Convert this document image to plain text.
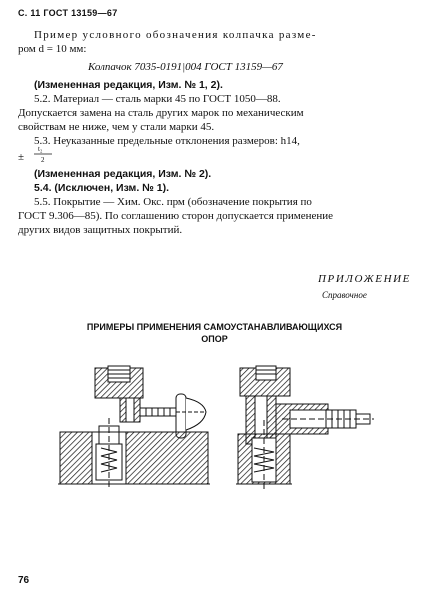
С. 11 ГОСТ 13159—67
Пример условного обозначения колпачка разме-
ром d = 10 мм:
Колпачок 7035-0191|004 ГОСТ 13159—67
(Измененная редакция, Изм. № 1, 2).
5.2. Материал — сталь марки 45 по ГОСТ 1050—88.
Допускается замена на сталь других марок по механическим
свойствам не ниже, чем у стали марки 45.
5.3. Неуказанные предельные отклонения размеров: h14,
±
t₂
2
(Измененная редакция, Изм. № 2).
5.4. (Исключен, Изм. № 1).
5.5. Покрытие — Хим. Окс. прм (обозначение покрытия по
ГОСТ 9.306—85). По соглашению сторон допускается применение
других видов защитных покрытий.
ПРИЛОЖЕНИЕ
Справочное
ПРИМЕРЫ ПРИМЕНЕНИЯ САМОУСТАНАВЛИВАЮЩИХСЯ
ОПОР
76
